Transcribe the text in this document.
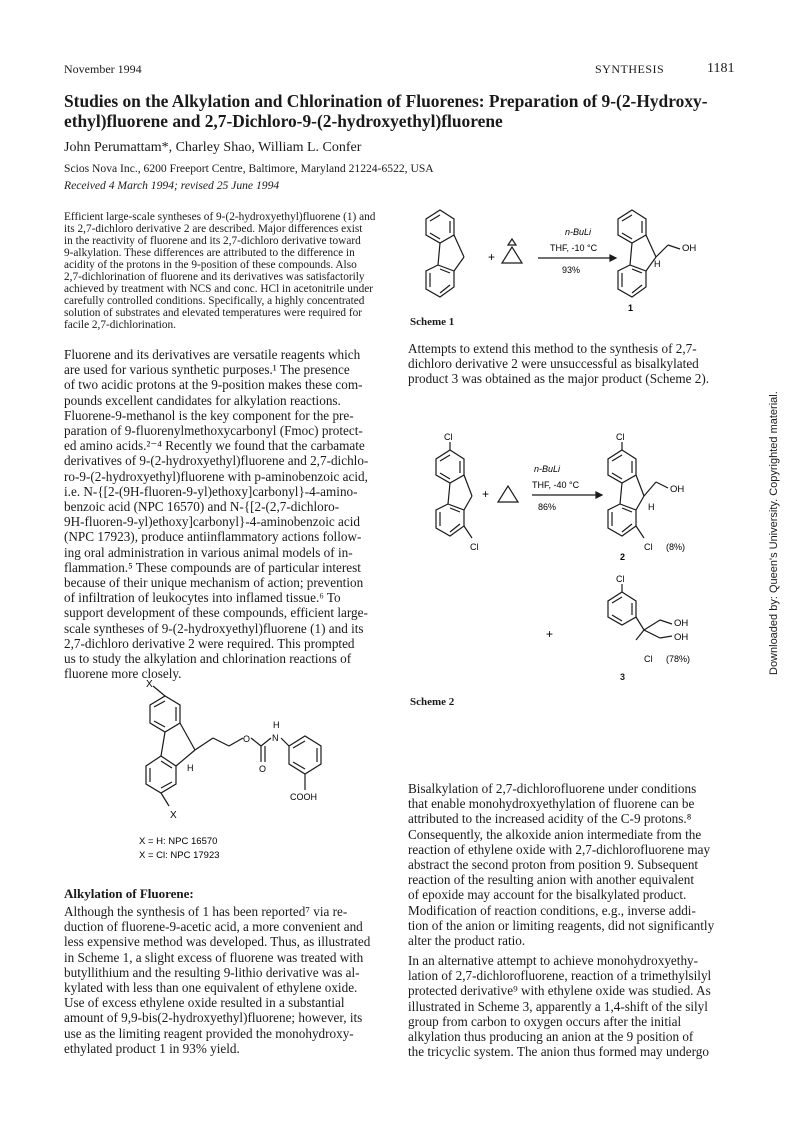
November 1994	SYNTHESIS	1181
Studies on the Alkylation and Chlorination of Fluorenes: Preparation of 9-(2-Hydroxy-
ethyl)fluorene and 2,7-Dichloro-9-(2-hydroxyethyl)fluorene
John Perumattam*, Charley Shao, William L. Confer
Scios Nova Inc., 6200 Freeport Centre, Baltimore, Maryland 21224-6522, USA
Received 4 March 1994; revised 25 June 1994
Efficient large-scale syntheses of 9-(2-hydroxyethyl)fluorene (1) and
its 2,7-dichloro derivative 2 are described. Major differences exist
in the reactivity of fluorene and its 2,7-dichloro derivative toward
9-alkylation. These differences are attributed to the difference in
acidity of the protons in the 9-position of these compounds. Also
2,7-dichlorination of fluorene and its derivatives was satisfactorily
achieved by treatment with NCS and conc. HCl in acetonitrile under
carefully controlled conditions. Specifically, a highly concentrated
solution of substrates and elevated temperatures were required for
facile 2,7-dichlorination.
Fluorene and its derivatives are versatile reagents which
are used for various synthetic purposes.¹ The presence
of two acidic protons at the 9-position makes these com-
pounds excellent candidates for alkylation reactions.
Fluorene-9-methanol is the key component for the pre-
paration of 9-fluorenylmethoxycarbonyl (Fmoc) protect-
ed amino acids.²⁻⁴ Recently we found that the carbamate
derivatives of 9-(2-hydroxyethyl)fluorene and 2,7-dichlo-
ro-9-(2-hydroxyethyl)fluorene with p-aminobenzoic acid,
i.e. N-{[2-(9H-fluoren-9-yl)ethoxy]carbonyl}-4-amino-
benzoic acid (NPC 16570) and N-{[2-(2,7-dichloro-
9H-fluoren-9-yl)ethoxy]carbonyl}-4-aminobenzoic acid
(NPC 17923), produce antiinflammatory actions follow-
ing oral administration in various animal models of in-
flammation.⁵ These compounds are of particular interest
because of their unique mechanism of action; prevention
of infiltration of leukocytes into inflamed tissue.⁶ To
support development of these compounds, efficient large-
scale syntheses of 9-(2-hydroxyethyl)fluorene (1) and its
2,7-dichloro derivative 2 were required. This prompted
us to study the alkylation and chlorination reactions of
fluorene more closely.
X
H
O
O
N
H
COOH
X
X = H: NPC 16570
X = Cl: NPC 17923
Alkylation of Fluorene:
Although the synthesis of 1 has been reported⁷ via re-
duction of fluorene-9-acetic acid, a more convenient and
less expensive method was developed. Thus, as illustrated
in Scheme 1, a slight excess of fluorene was treated with
butyllithium and the resulting 9-lithio derivative was al-
kylated with less than one equivalent of ethylene oxide.
Use of excess ethylene oxide resulted in a substantial
amount of 9,9-bis(2-hydroxyethyl)fluorene; however, its
use as the limiting reagent provided the monohydroxy-
ethylated product 1 in 93% yield.
+
n-BuLi
THF, -10 °C
93%
OH
H
1
Scheme 1
Attempts to extend this method to the synthesis of 2,7-
dichloro derivative 2 were unsuccessful as bisalkylated
product 3 was obtained as the major product (Scheme 2).
Cl
Cl
+
n-BuLi
THF, -40 °C
86%
Cl
OH
H
Cl (8%)
2
Cl
+
OH
OH
Cl (78%)
3
Scheme 2
Bisalkylation of 2,7-dichlorofluorene under conditions
that enable monohydroxyethylation of fluorene can be
attributed to the increased acidity of the C-9 protons.⁸
Consequently, the alkoxide anion intermediate from the
reaction of ethylene oxide with 2,7-dichlorofluorene may
abstract the second proton from position 9. Subsequent
reaction of the resulting anion with another equivalent
of epoxide may account for the bisalkylated product.
Modification of reaction conditions, e.g., inverse addi-
tion of the anion or limiting reagents, did not significantly
alter the product ratio.
In an alternative attempt to achieve monohydroxyethy-
lation of 2,7-dichlorofluorene, reaction of a trimethylsilyl
protected derivative⁹ with ethylene oxide was studied. As
illustrated in Scheme 3, apparently a 1,4-shift of the silyl
group from carbon to oxygen occurs after the initial
alkylation thus producing an anion at the 9 position of
the tricyclic system. The anion thus formed may undergo
Downloaded by: Queen's University. Copyrighted material.
